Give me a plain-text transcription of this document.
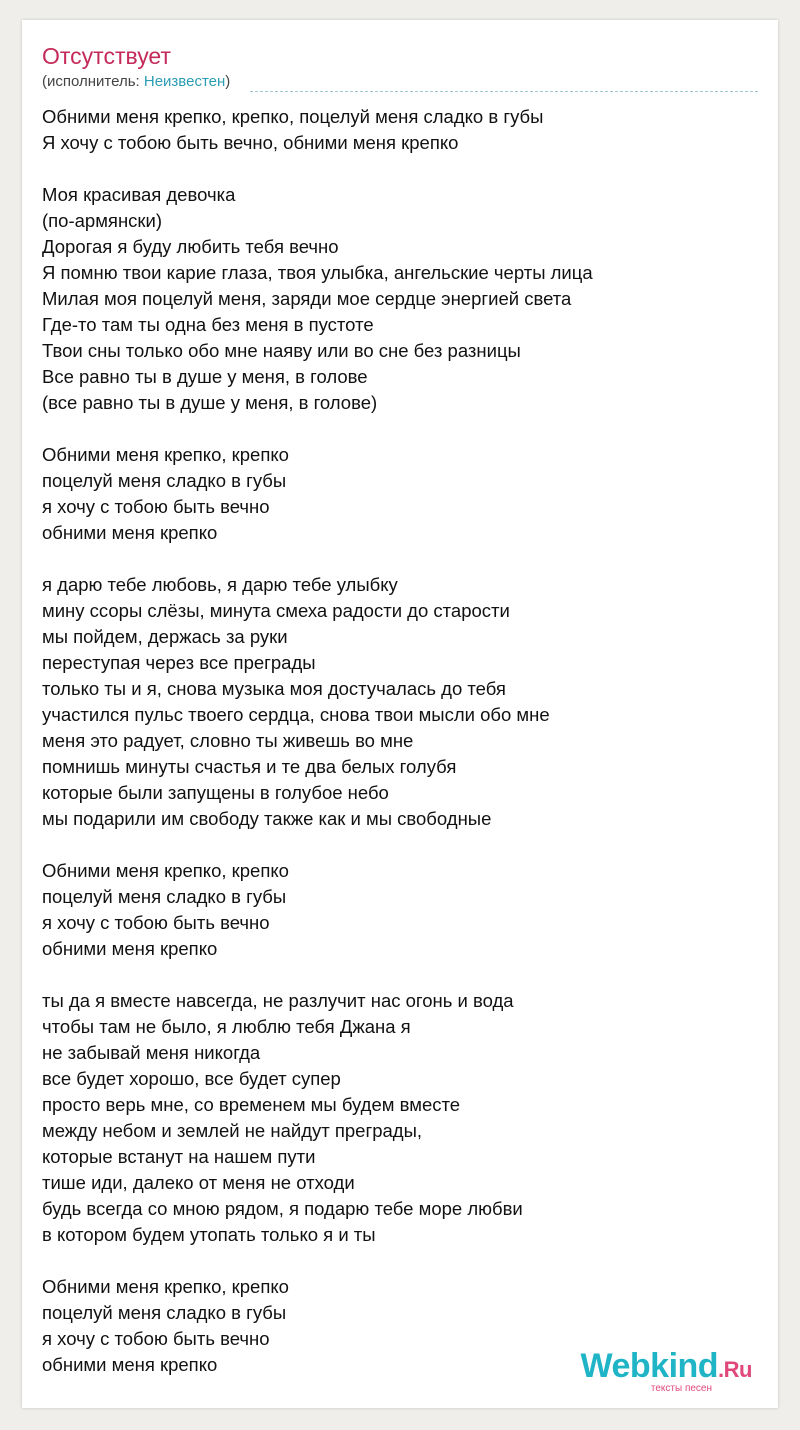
Отсутствует
(исполнитель: Неизвестен)
Обними меня крепко, крепко, поцелуй меня сладко в губы
Я хочу с тобою быть вечно, обними меня крепко
Моя красивая девочка
(по-армянски)
Дорогая я буду любить тебя вечно
Я помню твои карие глаза, твоя улыбка, ангельские черты лица
Милая моя поцелуй меня, заряди мое сердце энергией света
Где-то там ты одна без меня в пустоте
Твои сны только обо мне наяву или во сне без разницы
Все равно ты в душе у меня, в голове
(все равно ты в душе у меня, в голове)
Обними меня крепко, крепко
поцелуй меня сладко в губы
я хочу с тобою быть вечно
обними меня крепко
я дарю тебе любовь, я дарю тебе улыбку
мину ссоры слёзы, минута смеха радости до старости
мы пойдем, держась за руки
переступая через все преграды
только ты и я, снова музыка моя достучалась до тебя
участился пульс твоего сердца, снова твои мысли обо мне
меня это радует, словно ты живешь во мне
помнишь минуты счастья и те два белых голубя
которые были запущены в голубое небо
мы подарили им свободу также как и мы свободные
Обними меня крепко, крепко
поцелуй меня сладко в губы
я хочу с тобою быть вечно
обними меня крепко
ты да я вместе навсегда, не разлучит нас огонь и вода
чтобы там не было, я люблю тебя Джана я
не забывай меня никогда
все будет хорошо, все будет супер
просто верь мне, со временем мы будем вместе
между небом и землей не найдут преграды,
которые встанут на нашем пути
тише иди, далеко от меня не отходи
будь всегда со мною рядом, я подарю тебе море любви
в котором будем утопать только я и ты
Обними меня крепко, крепко
поцелуй меня сладко в губы
я хочу с тобою быть вечно
обними меня крепко	Webkind.Ru
тексты песен
